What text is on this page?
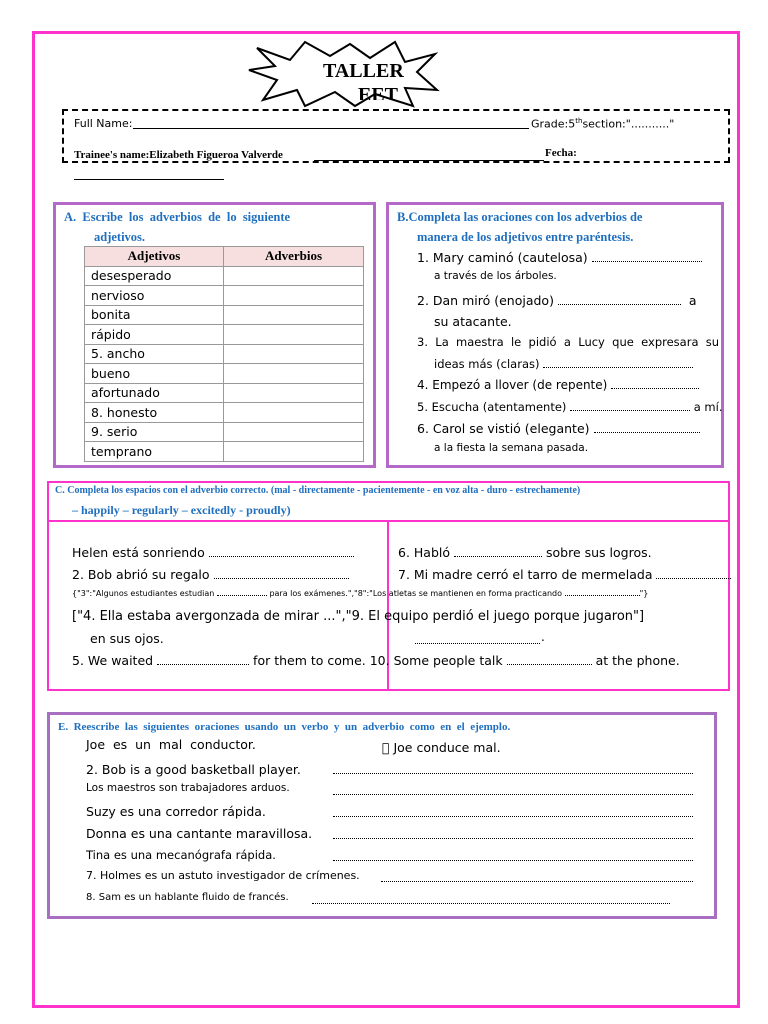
TALLER
EET
Full Name:	Grade:5thsection:"..........."
Trainee's name:Elizabeth Figueroa Valverde	Fecha:
A.  Escribe  los  adverbios  de  lo  siguiente
adjetivos.
Adjetivos	Adverbios
desesperado	
nervioso	
bonita	
rápido	
5. ancho	
bueno	
afortunado	
8. honesto	
9. serio	
temprano	
B.Completa las oraciones con los adverbios de
manera de los adjetivos entre paréntesis.
1. Mary caminó (cautelosa)
a través de los árboles.
2. Dan miró (enojado)	a
su atacante.
3.  La  maestra  le  pidió  a  Lucy  que  expresara  su
ideas más (claras)
4. Empezó a llover (de repente)
5. Escucha (atentamente)	a mí.
6. Carol se vistió (elegante)
a la fiesta la semana pasada.
C. Completa los espacios con el adverbio correcto. (mal - directamente - pacientemente - en voz alta - duro - estrechamente)
– happily – regularly – excitedly - proudly)
Helen está sonriendo
2. Bob abrió su regalo
{"3":"Algunos estudiantes estudian	para los exámenes.","8":"Los atletas se mantienen en forma practicando	"}
["4. Ella estaba avergonzada de mirar ...","9. El equipo perdió el juego porque jugaron"]
en sus ojos.	.
5. We waited	for them to come. 10. Some people talk	at the phone.
6. Habló	sobre sus logros.
7. Mi madre cerró el tarro de mermelada
E.  Reescribe  las  siguientes  oraciones  usando  un  verbo  y  un  adverbio  como  en  el  ejemplo.
Joe  es  un  mal  conductor.	Joe conduce mal.
2. Bob is a good basketball player.
Los maestros son trabajadores arduos.
Suzy es una corredor rápida.
Donna es una cantante maravillosa.
Tina es una mecanógrafa rápida.
7. Holmes es un astuto investigador de crímenes.
8. Sam es un hablante fluido de francés.
